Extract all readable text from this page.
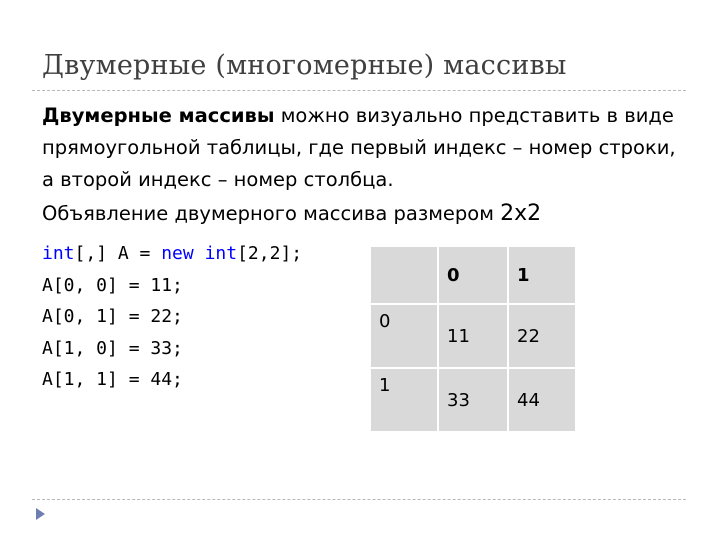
Двумерные (многомерные) массивы
Двумерные массивы можно визуально представить в виде прямоугольной таблицы, где первый индекс – номер строки, а второй индекс – номер столбца.
Объявление двумерного массива размером 2x2
int[,] A = new int[2,2];
A[0, 0] = 11;
A[0, 1] = 22;
A[1, 0] = 33;
A[1, 1] = 44;
	0	1
0	11	22
1	33	44
